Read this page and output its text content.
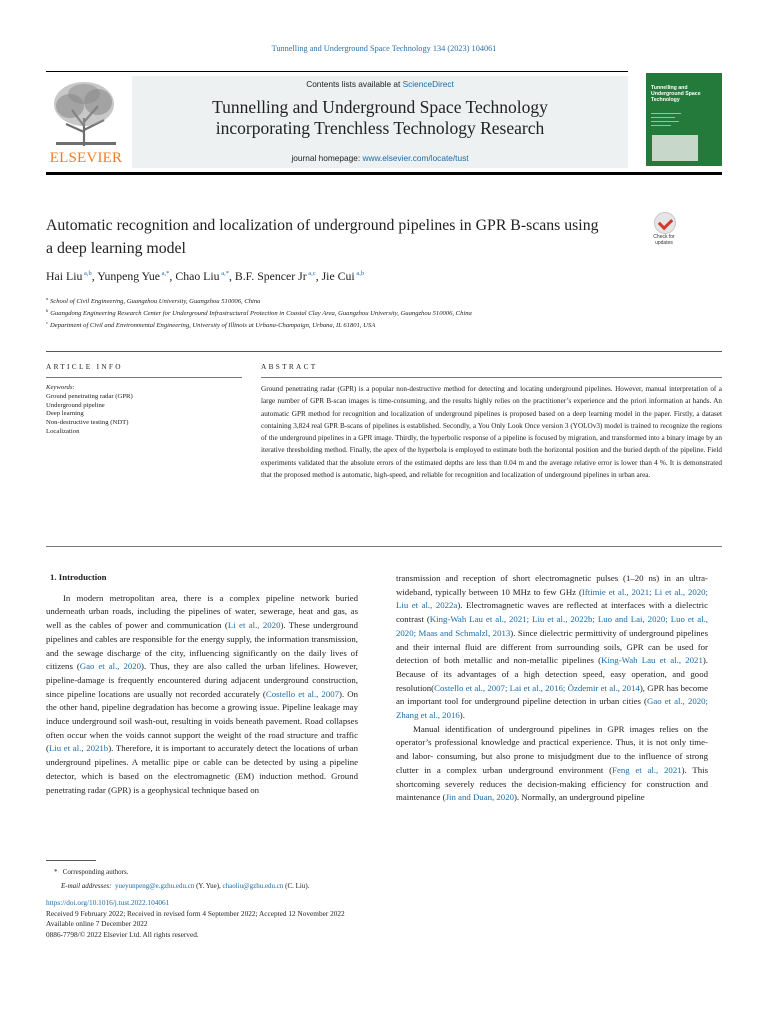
Tunnelling and Underground Space Technology 134 (2023) 104061
ELSEVIER
Contents lists available at ScienceDirect
Tunnelling and Underground Space Technology
incorporating Trenchless Technology Research
journal homepage: www.elsevier.com/locate/tust
Tunnelling and Underground Space Technology
Automatic recognition and localization of underground pipelines in GPR B-scans using a deep learning model
Check for updates
Hai Liu $^{a,b}$, Yunpeng Yue $^{a,*}$, Chao Liu $^{a,*}$, B.F. Spencer Jr $^{a,c}$, Jie Cui $^{a,b}$
$^a$ School of Civil Engineering, Guangzhou University, Guangzhou 510006, China
$^b$ Guangdong Engineering Research Center for Underground Infrastructural Protection in Coastal Clay Area, Guangzhou University, Guangzhou 510006, China
$^c$ Department of Civil and Environmental Engineering, University of Illinois at Urbana-Champaign, Urbana, IL 61801, USA
ARTICLE INFO	ABSTRACT
Keywords:
Ground penetrating radar (GPR)
Underground pipeline
Deep learning
Non-destructive testing (NDT)
Localization
Ground penetrating radar (GPR) is a popular non-destructive method for detecting and locating underground pipelines. However, manual interpretation of a large number of GPR B-scan images is time-consuming, and the results highly relies on the practitioner’s experience and the priori information at hands. An automatic GPR method for recognition and localization of underground pipelines is proposed based on a deep learning model in the paper. Firstly, a dataset containing 3,824 real GPR B-scans of pipelines is established. Secondly, a You Only Look Once version 3 (YOLOv3) model is trained to recognize the regions of the underground pipelines in a GPR image. Thirdly, the hyperbolic response of a pipeline is focused by migration, and transformed into a binary image by an iterative thresholding method. Finally, the apex of the hyperbola is employed to estimate both the horizontal position and the buried depth of the pipeline. Field experiments validated that the absolute errors of the estimated depths are less than 0.04 m and the average relative error is lower than 4 %. It is demonstrated that the proposed method is automatic, high-speed, and reliable for recognition and localization of underground pipelines in urban area.
1. Introduction

In modern metropolitan area, there is a complex pipeline network buried underneath urban roads, including the pipelines of water, sewerage, heat and gas, as well as the cables of power and communication (Li et al., 2020). These underground pipelines and cables are responsible for the energy supply, the information transmission, and the sewage discharge of the city, influencing significantly on the daily lives of citizens (Gao et al., 2020). Thus, they are also called the urban lifelines. However, pipeline-damage is frequently encountered during adjacent underground construction, since pipeline locations are usually not recorded accurately (Costello et al., 2007). On the other hand, pipeline degradation has become a growing issue. Pipeline leakage may induce underground soil wash-out, resulting in voids beneath pavement. Road collapses often occur when the voids cannot support the weight of the road structure and traffic (Liu et al., 2021b). Therefore, it is important to accurately detect the locations of urban underground pipelines. A metallic pipe or cable can be detected by using a pipeline detector, which is based on the electromagnetic (EM) induction method. Ground penetrating radar (GPR) is a geophysical technique based on

transmission and reception of short electromagnetic pulses (1–20 ns) in an ultra-wideband, typically between 10 MHz to few GHz (Iftimie et al., 2021; Li et al., 2020; Liu et al., 2022a). Electromagnetic waves are reflected at interfaces with a dielectric contrast (King-Wah Lau et al., 2021; Liu et al., 2022b; Luo and Lai, 2020; Luo et al., 2020; Maas and Schmalzl, 2013). Since dielectric permittivity of underground pipelines and their internal fluid are different from surrounding soils, GPR can be used for detection of both metallic and non-metallic pipelines (King-Wah Lau et al., 2021). Because of its advantages of a high detection speed, easy operation, and good resolution(Costello et al., 2007; Lai et al., 2016; Özdemir et al., 2014), GPR has become an important tool for underground pipeline detection in urban cities (Gao et al., 2020; Zhang et al., 2016).

Manual identification of underground pipelines in GPR images relies on the operator’s professional knowledge and practical experience. Thus, it is not only time- and labor- consuming, but also prone to misjudgment due to the influence of strong clutter in a complex urban underground environment (Feng et al., 2021). This shortcoming severely reduces the decision-making efficiency for construction and maintenance (Jin and Duan, 2020). Normally, an underground pipeline

* Corresponding authors.
E-mail addresses: yueyunpeng@e.gzhu.edu.cn (Y. Yue), chaoliu@gzhu.edu.cn (C. Liu).
https://doi.org/10.1016/j.tust.2022.104061
Received 9 February 2022; Received in revised form 4 September 2022; Accepted 12 November 2022
Available online 7 December 2022
0886-7798/© 2022 Elsevier Ltd. All rights reserved.
